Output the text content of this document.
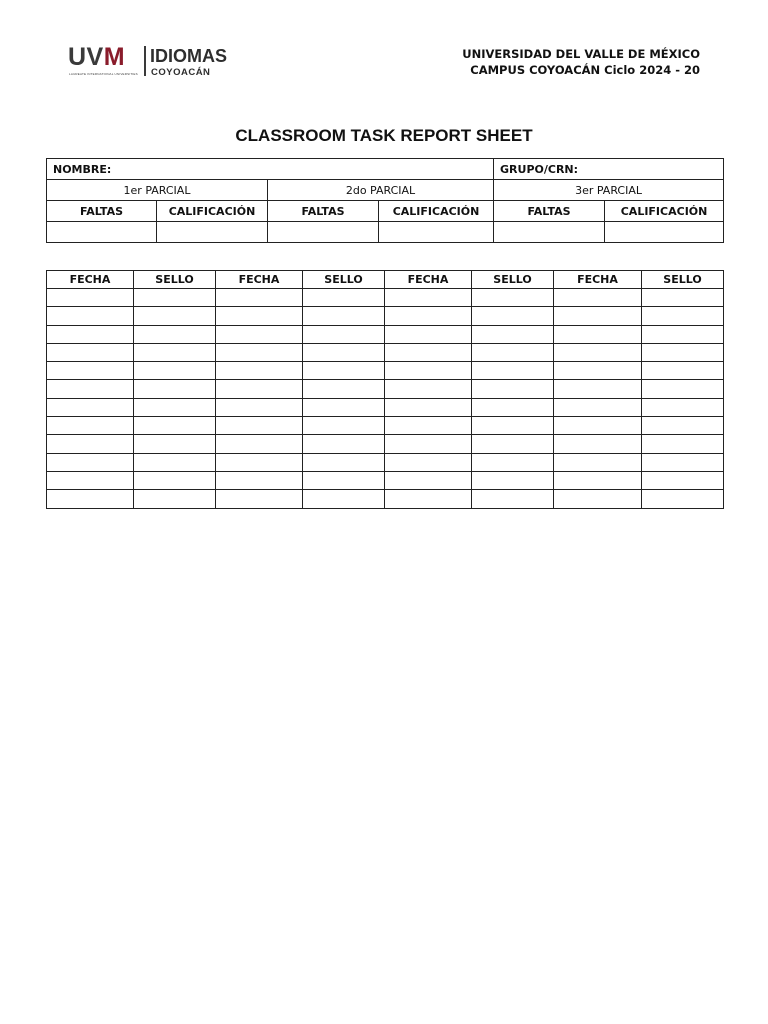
UVM
LAUREATE INTERNATIONAL UNIVERSITIES
IDIOMAS
COYOACÁN
UNIVERSIDAD DEL VALLE DE MÉXICO
CAMPUS COYOACÁN Ciclo 2024 - 20
CLASSROOM TASK REPORT SHEET
NOMBRE:				GRUPO/CRN:	
1er PARCIAL		2do PARCIAL		3er PARCIAL	
FALTAS	CALIFICACIÓN	FALTAS	CALIFICACIÓN	FALTAS	CALIFICACIÓN

FECHA	SELLO	FECHA	SELLO	FECHA	SELLO	FECHA	SELLO
